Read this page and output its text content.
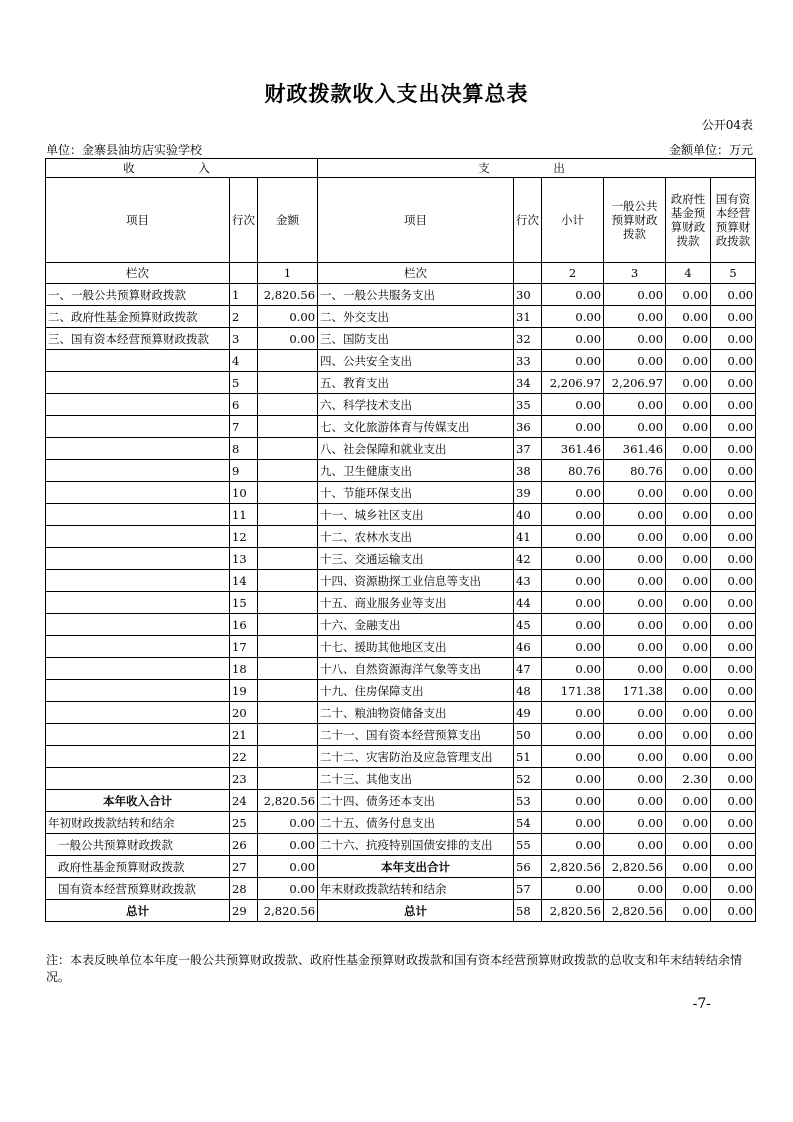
财政拨款收入支出决算总表
公开04表
单位：金寨县油坊店实验学校	金额单位：万元
收 入			支 出					
项目	行次	金额	项目	行次	小计	一般公共预算财政拨款	政府性基金预算财政拨款	国有资本经营预算财政拨款
栏次		1	栏次		2	3	4	5
一、一般公共预算财政拨款	1	2,820.56	一、一般公共服务支出	30	0.00	0.00	0.00	0.00
二、政府性基金预算财政拨款	2	0.00	二、外交支出	31	0.00	0.00	0.00	0.00
三、国有资本经营预算财政拨款	3	0.00	三、国防支出	32	0.00	0.00	0.00	0.00
	4		四、公共安全支出	33	0.00	0.00	0.00	0.00
	5		五、教育支出	34	2,206.97	2,206.97	0.00	0.00
	6		六、科学技术支出	35	0.00	0.00	0.00	0.00
	7		七、文化旅游体育与传媒支出	36	0.00	0.00	0.00	0.00
	8		八、社会保障和就业支出	37	361.46	361.46	0.00	0.00
	9		九、卫生健康支出	38	80.76	80.76	0.00	0.00
	10		十、节能环保支出	39	0.00	0.00	0.00	0.00
	11		十一、城乡社区支出	40	0.00	0.00	0.00	0.00
	12		十二、农林水支出	41	0.00	0.00	0.00	0.00
	13		十三、交通运输支出	42	0.00	0.00	0.00	0.00
	14		十四、资源勘探工业信息等支出	43	0.00	0.00	0.00	0.00
	15		十五、商业服务业等支出	44	0.00	0.00	0.00	0.00
	16		十六、金融支出	45	0.00	0.00	0.00	0.00
	17		十七、援助其他地区支出	46	0.00	0.00	0.00	0.00
	18		十八、自然资源海洋气象等支出	47	0.00	0.00	0.00	0.00
	19		十九、住房保障支出	48	171.38	171.38	0.00	0.00
	20		二十、粮油物资储备支出	49	0.00	0.00	0.00	0.00
	21		二十一、国有资本经营预算支出	50	0.00	0.00	0.00	0.00
	22		二十二、灾害防治及应急管理支出	51	0.00	0.00	0.00	0.00
	23		二十三、其他支出	52	0.00	0.00	2.30	0.00
本年收入合计	24	2,820.56	二十四、债务还本支出	53	0.00	0.00	0.00	0.00
年初财政拨款结转和结余	25	0.00	二十五、债务付息支出	54	0.00	0.00	0.00	0.00
一般公共预算财政拨款	26	0.00	二十六、抗疫特别国债安排的支出	55	0.00	0.00	0.00	0.00
政府性基金预算财政拨款	27	0.00	本年支出合计	56	2,820.56	2,820.56	0.00	0.00
国有资本经营预算财政拨款	28	0.00	年末财政拨款结转和结余	57	0.00	0.00	0.00	0.00
总计	29	2,820.56	总计	58	2,820.56	2,820.56	0.00	0.00
注：本表反映单位本年度一般公共预算财政拨款、政府性基金预算财政拨款和国有资本经营预算财政拨款的总收支和年末结转结余情况。
-7-
